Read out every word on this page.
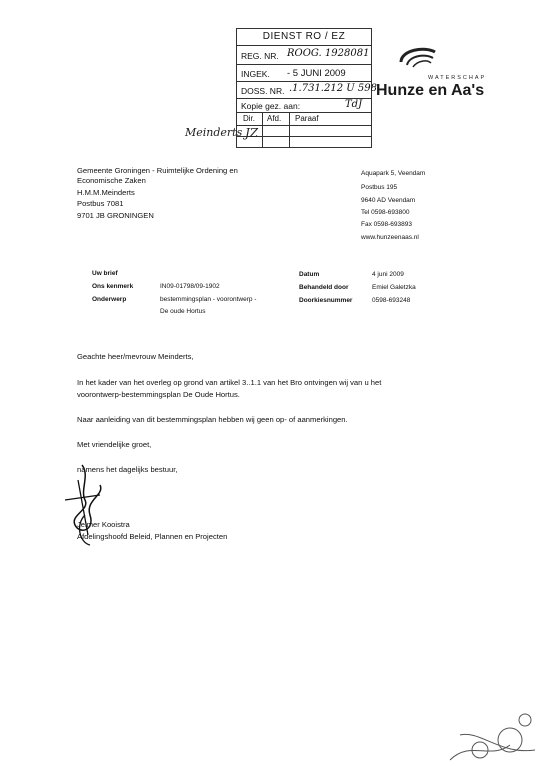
DIENST RO / EZ
REG. NR. ROOG. 1928081
INGEK. - 5 JUNI 2009
DOSS. NR. .1.731.212 U 598
Kopie gez. aan:	TdJ
Dir. Afd. Paraaf
Meinderts JZ
WATERSCHAP
Hunze en Aa's
Gemeente Groningen - Ruimtelijke Ordening en
Economische Zaken
H.M.M.Meinderts
Postbus 7081
9701 JB GRONINGEN
Aquapark 5, Veendam
Postbus 195
9640 AD Veendam
Tel 0598-693800
Fax 0598-693893
www.hunzeenaas.nl
Uw brief
Ons kenmerk	IN09-01798/09-1902
Onderwerp	bestemmingsplan - voorontwerp -
De oude Hortus
Datum	4 juni 2009
Behandeld door	Emiel Galetzka
Doorkiesnummer	0598-693248
Geachte heer/mevrouw Meinderts,
In het kader van het overleg op grond van artikel 3..1.1 van het Bro ontvingen wij van u het
voorontwerp-bestemmingsplan De Oude Hortus.
Naar aanleiding van dit bestemmingsplan hebben wij geen op- of aanmerkingen.
Met vriendelijke groet,
namens het dagelijks bestuur,
Jelmer Kooistra
Afdelingshoofd Beleid, Plannen en Projecten
